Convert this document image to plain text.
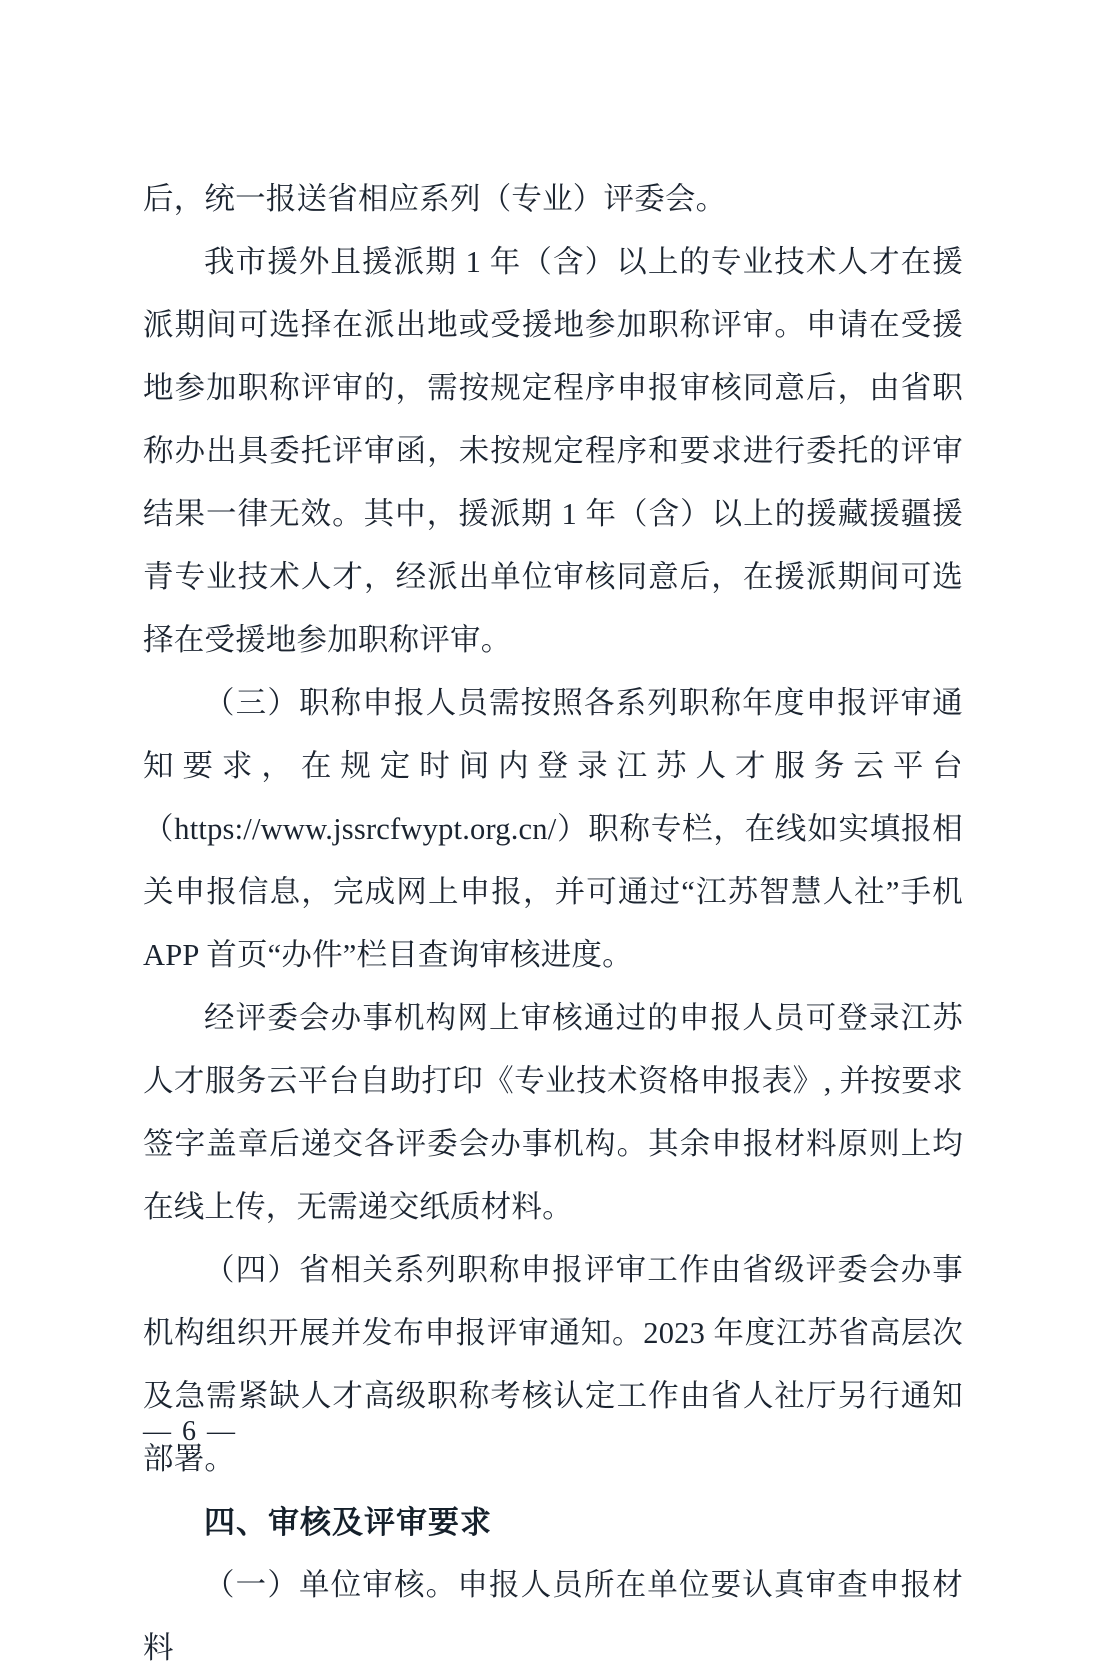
后，统一报送省相应系列（专业）评委会。

我市援外且援派期 1 年（含）以上的专业技术人才在援派期间可选择在派出地或受援地参加职称评审。申请在受援地参加职称评审的，需按规定程序申报审核同意后，由省职称办出具委托评审函，未按规定程序和要求进行委托的评审结果一律无效。其中，援派期 1 年（含）以上的援藏援疆援青专业技术人才，经派出单位审核同意后，在援派期间可选择在受援地参加职称评审。

（三）职称申报人员需按照各系列职称年度申报评审通知要求，在规定时间内登录江苏人才服务云平台（https://www.jssrcfwypt.org.cn/）职称专栏，在线如实填报相关申报信息，完成网上申报，并可通过“江苏智慧人社”手机 APP 首页“办件”栏目查询审核进度。

经评委会办事机构网上审核通过的申报人员可登录江苏人才服务云平台自助打印《专业技术资格申报表》, 并按要求签字盖章后递交各评委会办事机构。其余申报材料原则上均在线上传，无需递交纸质材料。

（四）省相关系列职称申报评审工作由省级评委会办事机构组织开展并发布申报评审通知。2023 年度江苏省高层次及急需紧缺人才高级职称考核认定工作由省人社厅另行通知部署。

四、审核及评审要求

（一）单位审核。申报人员所在单位要认真审查申报材料

— 6 —
